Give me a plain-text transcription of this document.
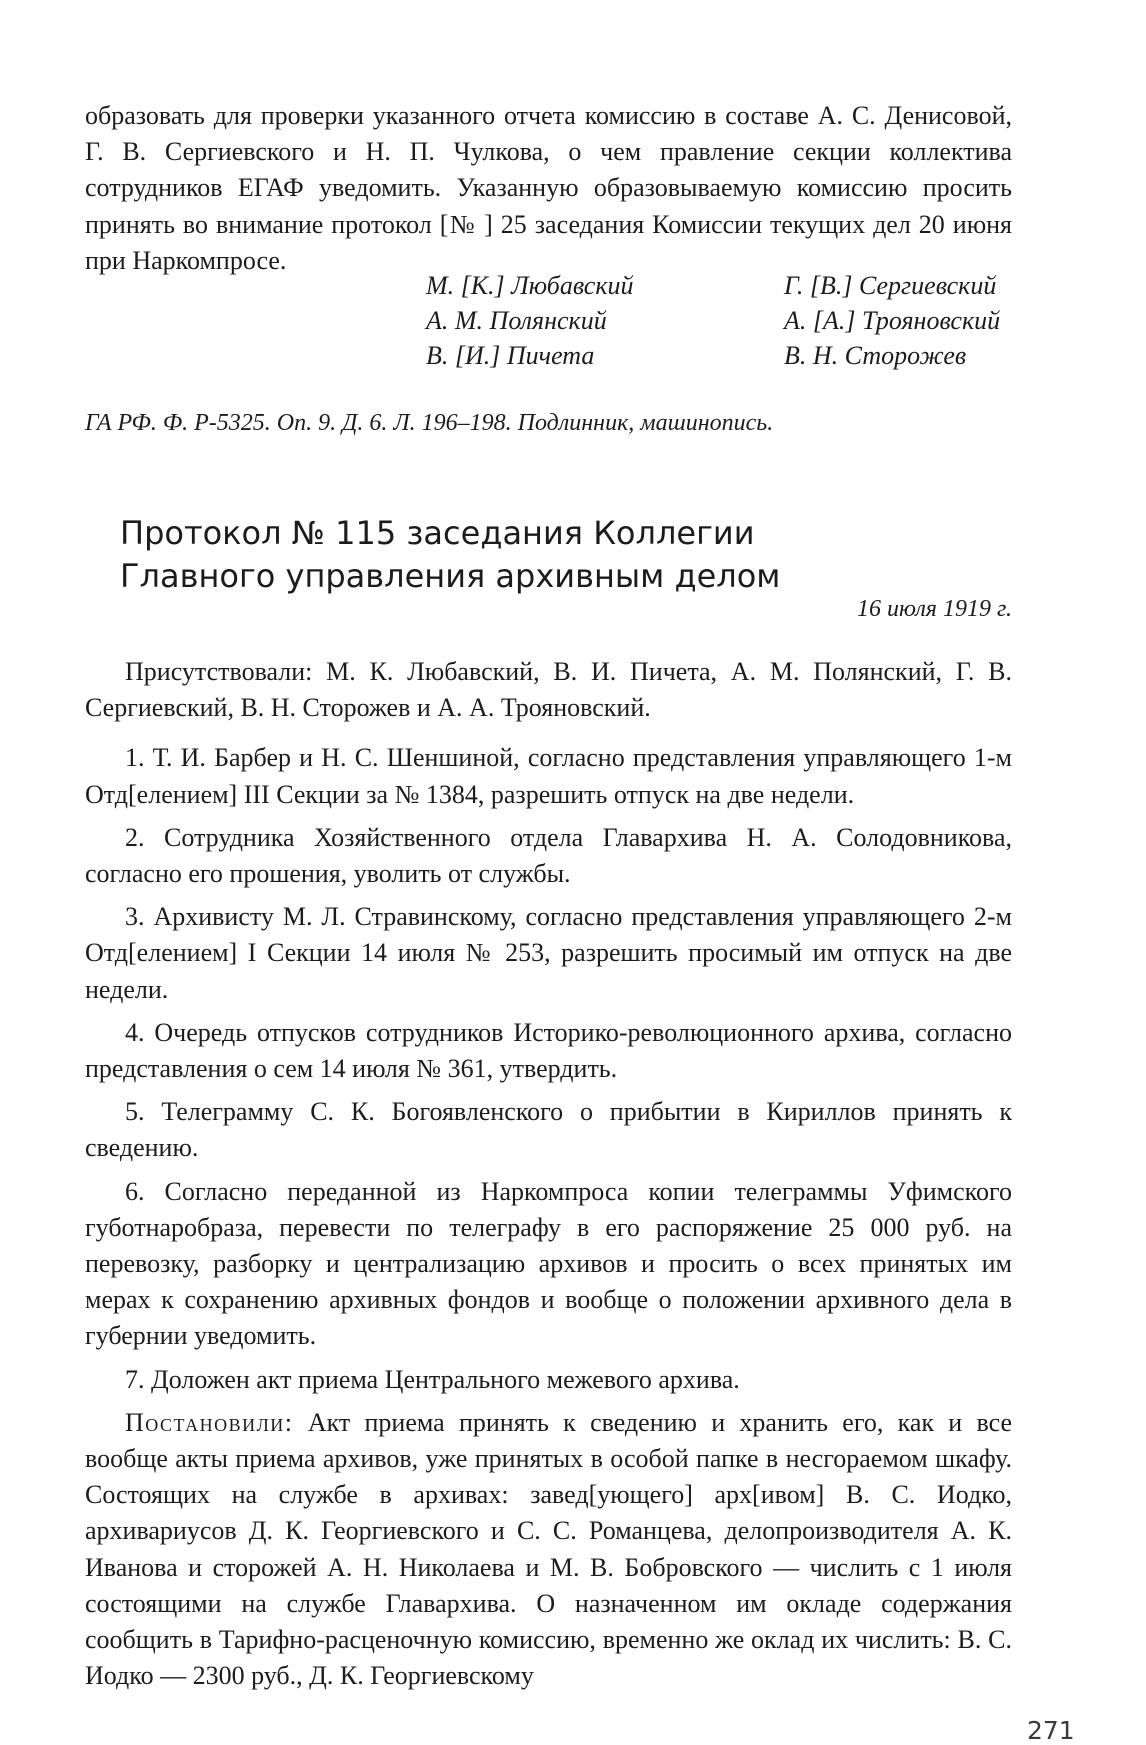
образовать для проверки указанного отчета комиссию в составе А. С. Денисовой, Г. В. Сергиевского и Н. П. Чулкова, о чем правление секции коллектива сотрудников ЕГАФ уведомить. Указанную образовываемую комиссию просить принять во внимание протокол [№ ] 25 заседания Комиссии текущих дел 20 июня при Наркомпросе.

М. [К.] Любавский	Г. [В.] Сергиевский
А. М. Полянский	А. [А.] Трояновский
В. [И.] Пичета	В. Н. Сторожев
ГА РФ. Ф. Р-5325. Оп. 9. Д. 6. Л. 196–198. Подлинник, машинопись.
Протокол № 115 заседания Коллегии
Главного управления архивным делом
16 июля 1919 г.

Присутствовали: М. К. Любавский, В. И. Пичета, А. М. Полянский, Г. В. Сергиевский, В. Н. Сторожев и А. А. Трояновский.

1. Т. И. Барбер и Н. С. Шеншиной, согласно представления управляющего 1-м Отд[елением] III Секции за № 1384, разрешить отпуск на две недели.

2. Сотрудника Хозяйственного отдела Главархива Н. А. Солодовникова, согласно его прошения, уволить от службы.

3. Архивисту М. Л. Стравинскому, согласно представления управляющего 2-м Отд[елением] I Секции 14 июля № 253, разрешить просимый им отпуск на две недели.

4. Очередь отпусков сотрудников Историко-революционного архива, согласно представления о сем 14 июля № 361, утвердить.

5. Телеграмму С. К. Богоявленского о прибытии в Кириллов принять к сведению.

6. Согласно переданной из Наркомпроса копии телеграммы Уфимского губотнаробраза, перевести по телеграфу в его распоряжение 25 000 руб. на перевозку, разборку и централизацию архивов и просить о всех принятых им мерах к сохранению архивных фондов и вообще о положении архивного дела в губернии уведомить.

7. Доложен акт приема Центрального межевого архива.

Постановили: Акт приема принять к сведению и хранить его, как и все вообще акты приема архивов, уже принятых в особой папке в несгораемом шкафу. Состоящих на службе в архивах: завед[ующего] арх[ивом] В. С. Иодко, архивариусов Д. К. Георгиевского и С. С. Романцева, делопроизводителя А. К. Иванова и сторожей А. Н. Николаева и М. В. Бобровского — числить с 1 июля состоящими на службе Главархива. О назначенном им окладе содержания сообщить в Тарифно-расценочную комиссию, временно же оклад их числить: В. С. Иодко — 2300 руб., Д. К. Георгиевскому

271
